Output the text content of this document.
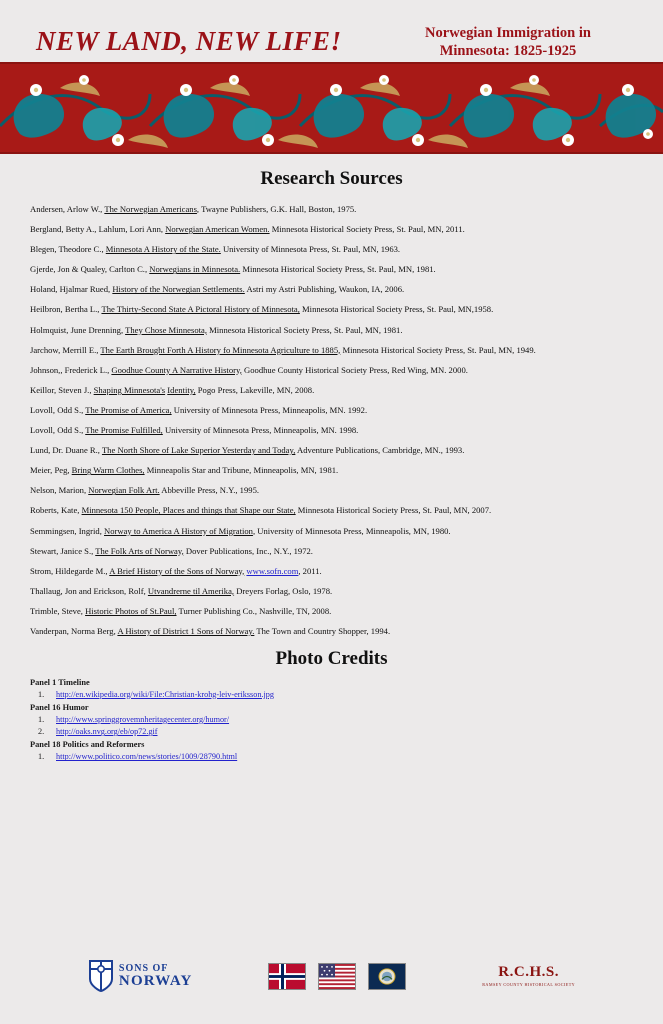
NEW LAND, NEW LIFE!	Norwegian Immigration in Minnesota: 1825-1925
Research Sources
Andersen, Arlow W., The Norwegian Americans, Twayne Publishers, G.K. Hall, Boston, 1975.
Bergland, Betty A., Lahlum, Lori Ann, Norwegian American Women. Minnesota Historical Society Press, St. Paul, MN, 2011.
Blegen, Theodore C., Minnesota A History of the State. University of Minnesota Press, St. Paul, MN, 1963.
Gjerde, Jon & Qualey, Carlton C., Norwegians in Minnesota. Minnesota Historical Society Press, St. Paul, MN, 1981.
Holand, Hjalmar Rued, History of the Norwegian Settlements. Astri my Astri Publishing, Waukon, IA, 2006.
Heilbron, Bertha L., The Thirty-Second State A Pictoral History of Minnesota, Minnesota Historical Society Press, St. Paul, MN,1958.
Holmquist, June Drenning, They Chose Minnesota, Minnesota Historical Society Press, St. Paul, MN, 1981.
Jarchow, Merrill E., The Earth Brought Forth A History fo Minnesota Agriculture to 1885, Minnesota Historical Society Press, St. Paul, MN, 1949.
Johnson,, Frederick L., Goodhue County A Narrative History, Goodhue County Historical Society Press, Red Wing, MN. 2000.
Keillor, Steven J., Shaping Minnesota's Identity, Pogo Press, Lakeville, MN, 2008.
Lovoll, Odd S., The Promise of America, University of Minnesota Press, Minneapolis, MN. 1992.
Lovoll, Odd S., The Promise Fulfilled, University of Minnesota Press, Minneapolis, MN. 1998.
Lund, Dr. Duane R., The North Shore of Lake Superior Yesterday and Today, Adventure Publications, Cambridge, MN., 1993.
Meier, Peg, Bring Warm Clothes, Minneapolis Star and Tribune, Minneapolis, MN, 1981.
Nelson, Marion, Norwegian Folk Art. Abbeville Press, N.Y., 1995.
Roberts, Kate, Minnesota 150 People, Places and things that Shape our State, Minnesota Historical Society Press, St. Paul, MN, 2007.
Semmingsen, Ingrid, Norway to America A History of Migration, University of Minnesota Press, Minneapolis, MN, 1980.
Stewart, Janice S., The Folk Arts of Norway, Dover Publications, Inc., N.Y., 1972.
Strom, Hildegarde M., A Brief History of the Sons of Norway, www.sofn.com, 2011.
Thallaug, Jon and Erickson, Rolf, Utvandrerne til Amerika, Dreyers Forlag, Oslo, 1978.
Trimble, Steve, Historic Photos of St.Paul, Turner Publishing Co., Nashville, TN, 2008.
Vanderpan, Norma Berg, A History of District 1 Sons of Norway. The Town and Country Shopper, 1994.
Photo Credits
Panel 1 Timeline
1. http://en.wikipedia.org/wiki/File:Christian-krohg-leiv-eriksson.jpg
Panel 16 Humor
1. http://www.springgrovemnheritagecenter.org/humor/
2. http://oaks.nvg.org/eb/op72.gif
Panel 18 Politics and Reformers
1. http://www.politico.com/news/stories/1009/28790.html
SONS OF
NORWAY
R.C.H.S.
RAMSEY COUNTY HISTORICAL SOCIETY
